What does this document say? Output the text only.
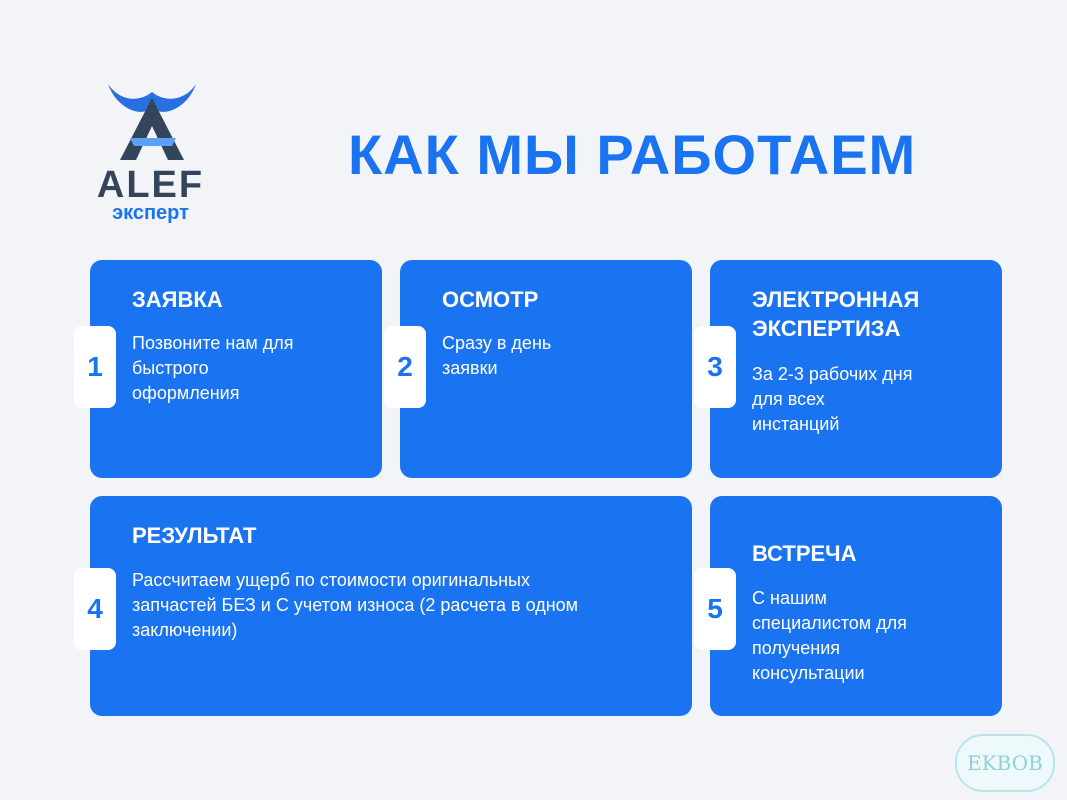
ALEF
эксперт
КАК МЫ РАБОТАЕМ
1
ЗАЯВКА
Позвоните нам для быстрого оформления
2
ОСМОТР
Сразу в день заявки	3
ЭЛЕКТРОННАЯ ЭКСПЕРТИЗА
За 2-3 рабочих дня для всех инстанций
4
РЕЗУЛЬТАТ
Рассчитаем ущерб по стоимости оригинальных запчастей БЕЗ и С учетом износа (2 расчета в одном заключении)
5
ВСТРЕЧА
С нашим специалистом для получения консультации
EKBOB
